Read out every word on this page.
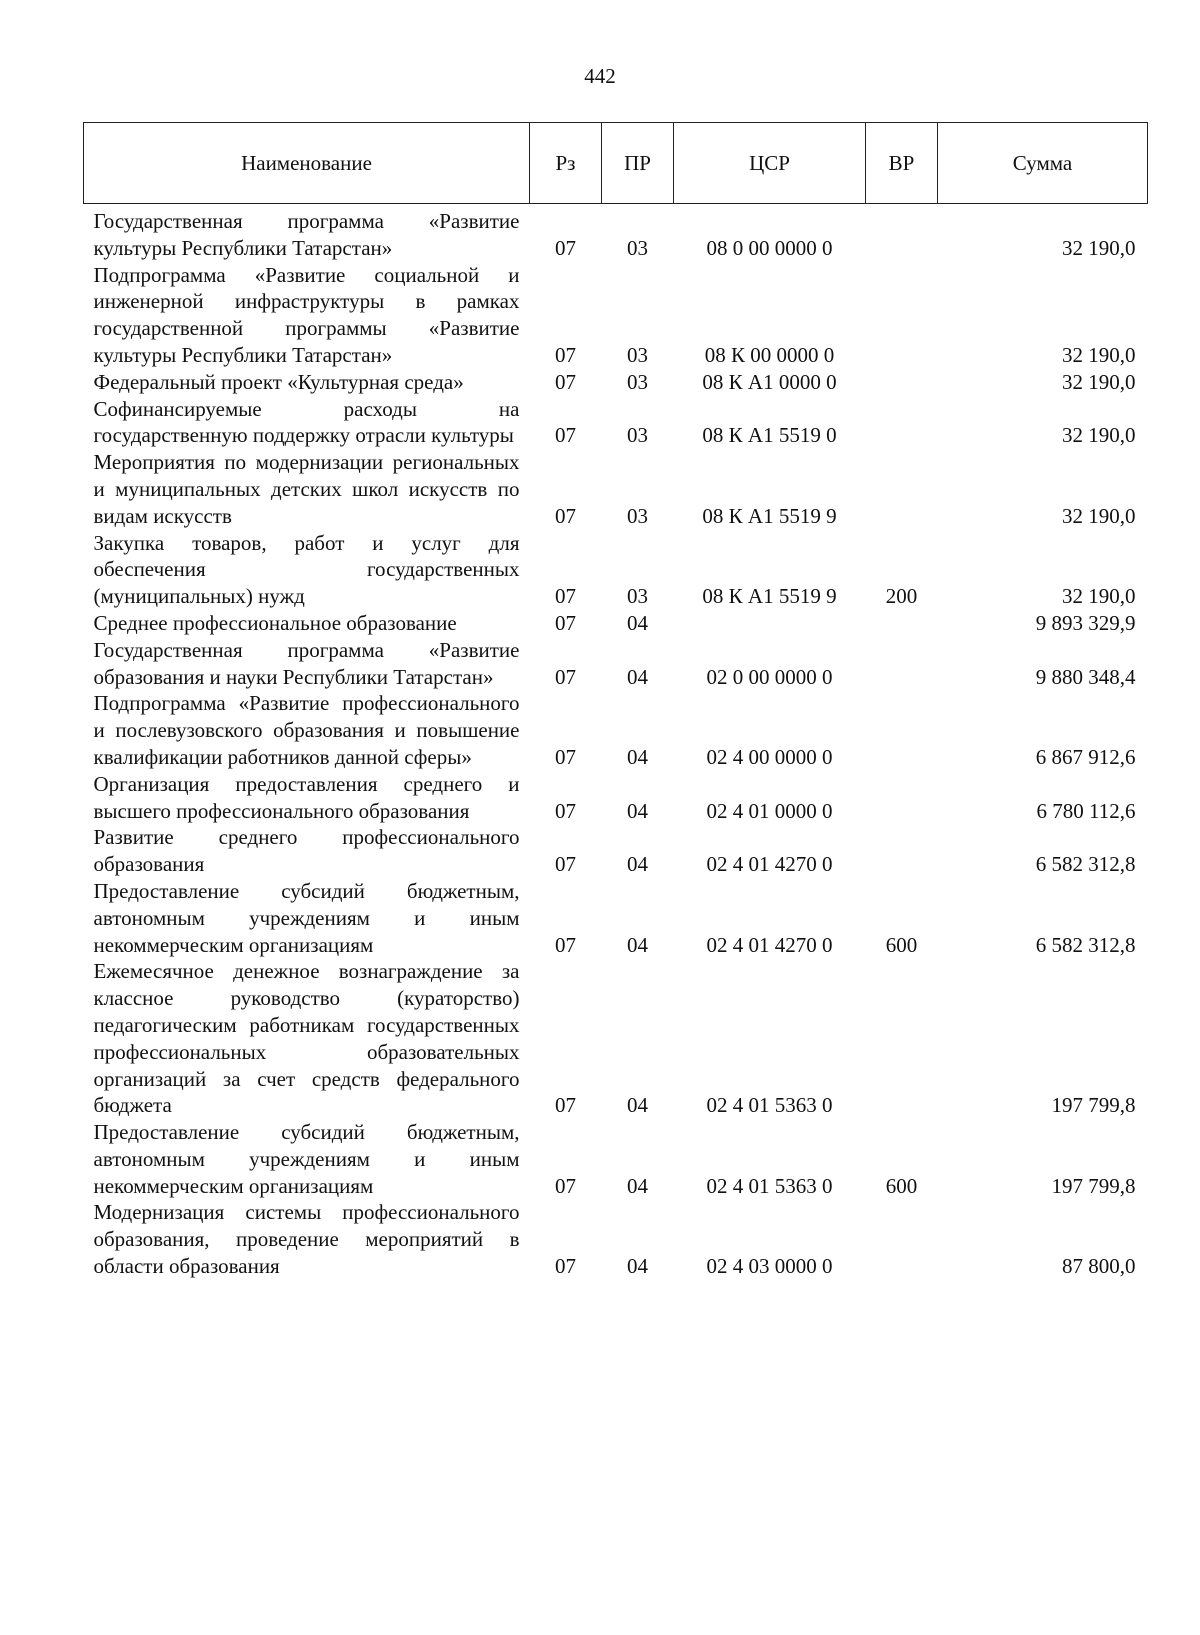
442
Наименование	Рз	ПР	ЦСР	ВР	Сумма
Государственная программа «Развитие культуры Республики Татарстан»	07	03	08 0 00 0000 0		32 190,0
Подпрограмма «Развитие социальной и инженерной инфраструктуры в рамках государственной программы «Развитие культуры Республики Татарстан»	07	03	08 К 00 0000 0		32 190,0
Федеральный проект «Культурная среда»	07	03	08 К А1 0000 0		32 190,0
Софинансируемые расходы на государственную поддержку отрасли культуры	07	03	08 К А1 5519 0		32 190,0
Мероприятия по модернизации региональных и муниципальных детских школ искусств по видам искусств	07	03	08 К А1 5519 9		32 190,0
Закупка товаров, работ и услуг для обеспечения государственных (муниципальных) нужд	07	03	08 К А1 5519 9	200	32 190,0
Среднее профессиональное образование	07	04			9 893 329,9
Государственная программа «Развитие образования и науки Республики Татарстан»	07	04	02 0 00 0000 0		9 880 348,4
Подпрограмма «Развитие профессионального и послевузовского образования и повышение квалификации работников данной сферы»	07	04	02 4 00 0000 0		6 867 912,6
Организация предоставления среднего и высшего профессионального образования	07	04	02 4 01 0000 0		6 780 112,6
Развитие среднего профессионального образования	07	04	02 4 01 4270 0		6 582 312,8
Предоставление субсидий бюджетным, автономным учреждениям и иным некоммерческим организациям	07	04	02 4 01 4270 0	600	6 582 312,8
Ежемесячное денежное вознаграждение за классное руководство (кураторство) педагогическим работникам государственных профессиональных образовательных организаций за счет средств федерального бюджета	07	04	02 4 01 5363 0		197 799,8
Предоставление субсидий бюджетным, автономным учреждениям и иным некоммерческим организациям	07	04	02 4 01 5363 0	600	197 799,8
Модернизация системы профессионального образования, проведение мероприятий в области образования	07	04	02 4 03 0000 0		87 800,0
